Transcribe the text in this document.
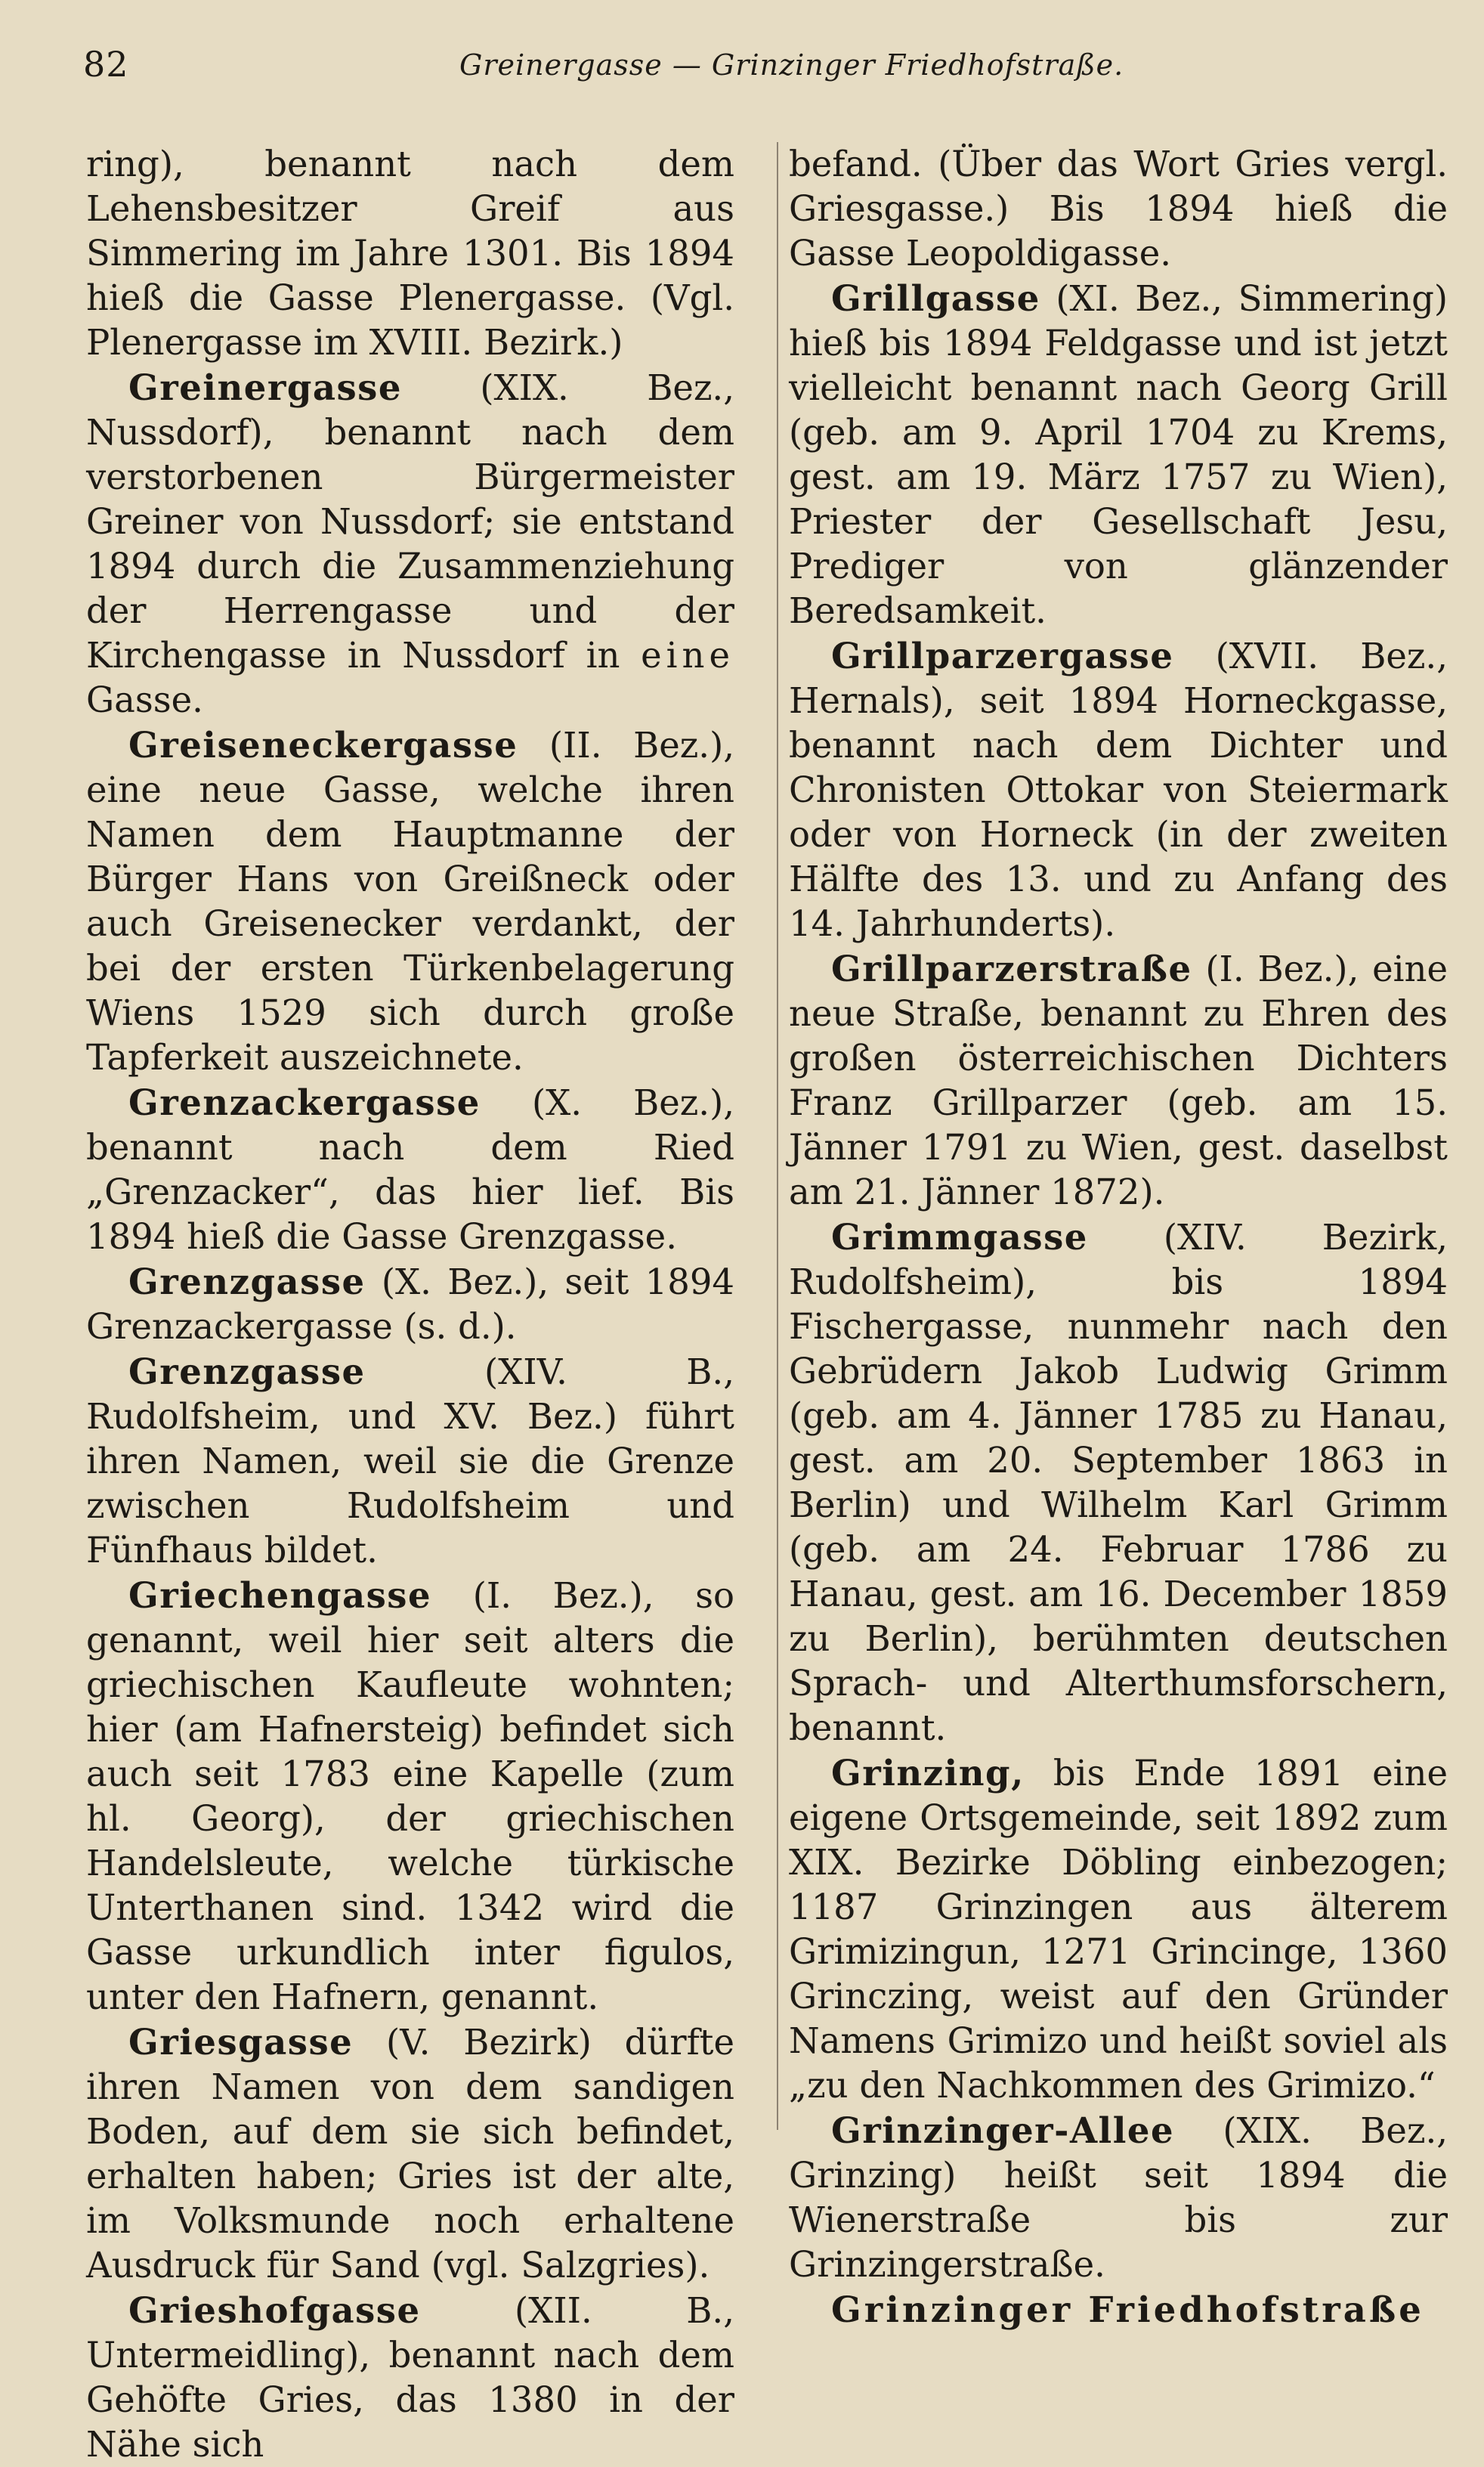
82	Greinergasse — Grinzinger Friedhofstraße.

ring), benannt nach dem Lehensbesitzer Greif aus Simmering im Jahre 1301. Bis 1894 hieß die Gasse Plenergasse. (Vgl. Plenergasse im XVIII. Bezirk.)

Greinergasse (XIX. Bez., Nussdorf), benannt nach dem verstorbenen Bürgermeister Greiner von Nussdorf; sie entstand 1894 durch die Zusammenziehung der Herrengasse und der Kirchengasse in Nussdorf in eine Gasse.

Greiseneckergasse (II. Bez.), eine neue Gasse, welche ihren Namen dem Hauptmanne der Bürger Hans von Greißneck oder auch Greisenecker verdankt, der bei der ersten Türkenbelagerung Wiens 1529 sich durch große Tapferkeit auszeichnete.

Grenzackergasse (X. Bez.), benannt nach dem Ried „Grenzacker“, das hier lief. Bis 1894 hieß die Gasse Grenzgasse.

Grenzgasse (X. Bez.), seit 1894 Grenzackergasse (s. d.).

Grenzgasse	(XIV. B., Rudolfsheim, und XV. Bez.) führt ihren Namen, weil sie die Grenze zwischen Rudolfsheim und Fünfhaus bildet.

Griechengasse (I. Bez.), so genannt, weil hier seit alters die griechischen Kaufleute wohnten; hier (am Hafnersteig) befindet sich auch seit 1783 eine Kapelle (zum hl. Georg), der griechischen Handelsleute, welche türkische Unterthanen sind. 1342 wird die Gasse urkundlich inter figulos, unter den Hafnern, genannt.

Griesgasse (V. Bezirk) dürfte ihren Namen von dem sandigen Boden, auf dem sie sich befindet, erhalten haben; Gries ist der alte, im Volksmunde noch erhaltene Ausdruck für Sand (vgl. Salzgries).

Grieshofgasse	(XII. B., Untermeidling), benannt nach dem Gehöfte Gries, das 1380 in der Nähe sich

befand. (Über das Wort Gries vergl. Griesgasse.) Bis 1894 hieß die Gasse Leopoldigasse.

Grillgasse (XI. Bez., Simmering) hieß bis 1894 Feldgasse und ist jetzt vielleicht benannt nach Georg Grill (geb. am 9. April 1704 zu Krems, gest. am 19. März 1757 zu Wien), Priester der Gesellschaft Jesu, Prediger von glänzender Beredsamkeit.

Grillparzergasse (XVII. Bez., Hernals), seit 1894 Horneckgasse, benannt nach dem Dichter und Chronisten Ottokar von Steiermark oder von Horneck (in der zweiten Hälfte des 13. und zu Anfang des 14. Jahrhunderts).

Grillparzerstraße (I. Bez.), eine neue Straße, benannt zu Ehren des großen österreichischen Dichters Franz Grillparzer (geb. am 15. Jänner 1791 zu Wien, gest. daselbst am 21. Jänner 1872).

Grimmgasse (XIV. Bezirk, Rudolfsheim), bis 1894 Fischergasse, nunmehr nach den Gebrüdern Jakob Ludwig Grimm (geb. am 4. Jänner 1785 zu Hanau, gest. am 20. September 1863 in Berlin) und Wilhelm Karl Grimm (geb. am 24. Februar 1786 zu Hanau, gest. am 16. December 1859 zu Berlin), berühmten deutschen Sprach- und Alterthumsforschern, benannt.

Grinzing, bis Ende 1891 eine eigene Ortsgemeinde, seit 1892 zum XIX. Bezirke Döbling einbezogen; 1187 Grinzingen aus älterem Grimizingun, 1271 Grincinge, 1360 Grinczing, weist auf den Gründer Namens Grimizo und heißt soviel als „zu den Nachkommen des Grimizo.“

Grinzinger-Allee (XIX. Bez., Grinzing) heißt seit 1894 die Wienerstraße bis zur Grinzingerstraße.

Grinzinger Friedhofstraße
